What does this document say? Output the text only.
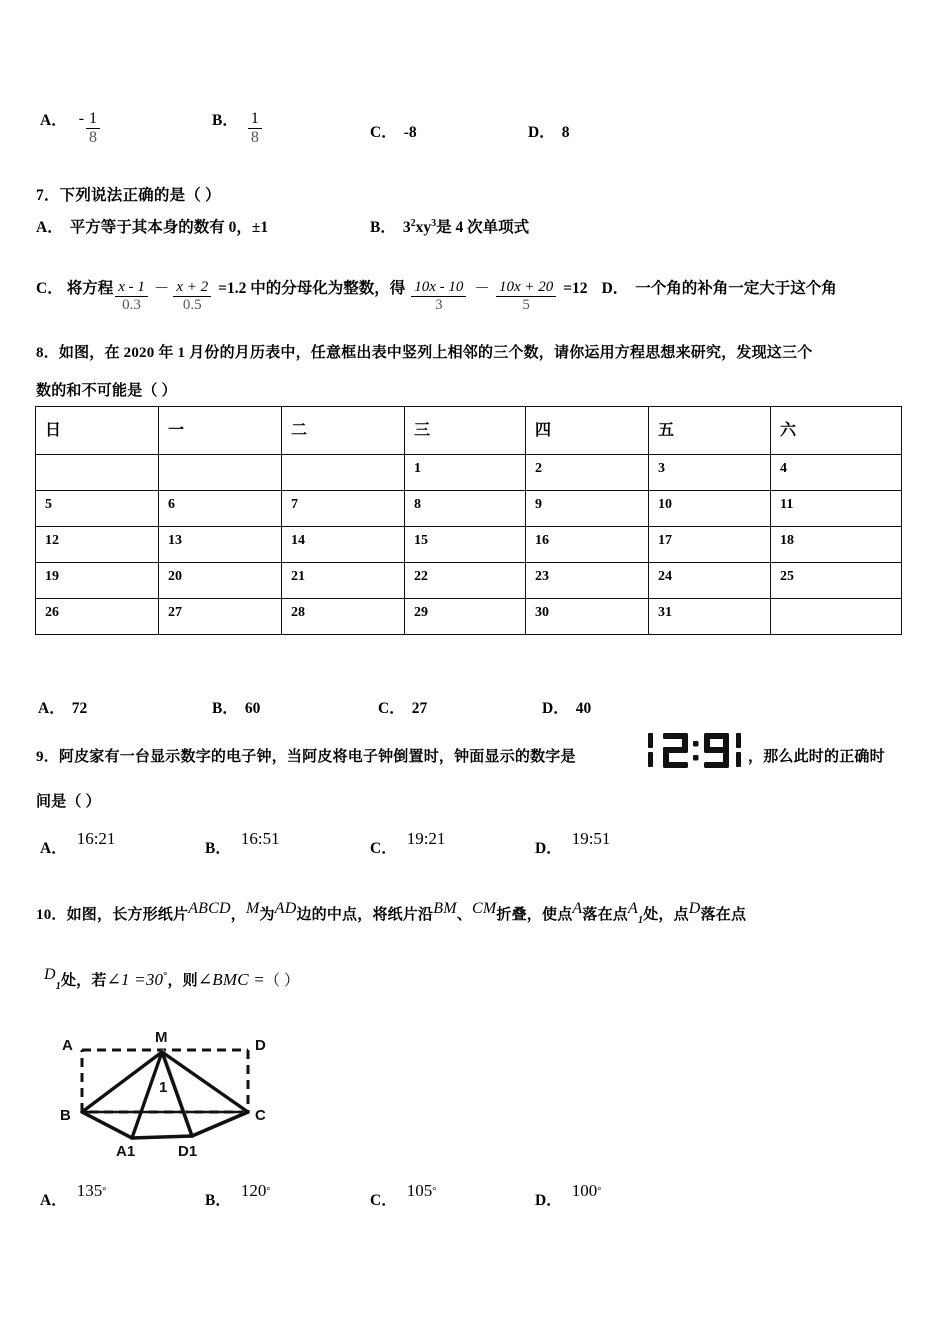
A． - $\frac{1}{8}$	B． $\frac{1}{8}$	C． -8	D． 8
7．下列说法正确的是（ ）
A． 平方等于其本身的数有 0，±1	B． $3^2xy^3$是 4 次单项式
C． 将方程 $\frac{x - 1}{0.3} - \frac{x + 2}{0.5} =1.2$ 中的分母化为整数，得 $\frac{10x - 10}{3} - \frac{10x + 20}{5} =12$ D． 一个角的补角一定大于这个角
8．如图，在 2020 年 1 月份的月历表中，任意框出表中竖列上相邻的三个数，请你运用方程思想来研究，发现这三个
数的和不可能是（ ）
日	一	二	三	四	五	六
			1	2	3	4
5	6	7	8	9	10	11
12	13	14	15	16	17	18
19	20	21	22	23	24	25
26	27	28	29	30	31	
A． 72	B． 60	C． 27	D． 40
9．阿皮家有一台显示数字的电子钟，当阿皮将电子钟倒置时，钟面显示的数字是	，那么此时的正确时
间是（ ）
A．
16:21
B．
16:51
C．
19:21
D．
19:51
10．如图，长方形纸片ABCD，M为AD边的中点，将纸片沿BM、CM折叠，使点A落在点$A_1$处，点D落在点
$D_1$处，若∠1 =30°，则∠BMC =（ ）
A
B	C
D
M
A1	D1
1
A．
135°
B．
120°
C．
105°
D．
100°
